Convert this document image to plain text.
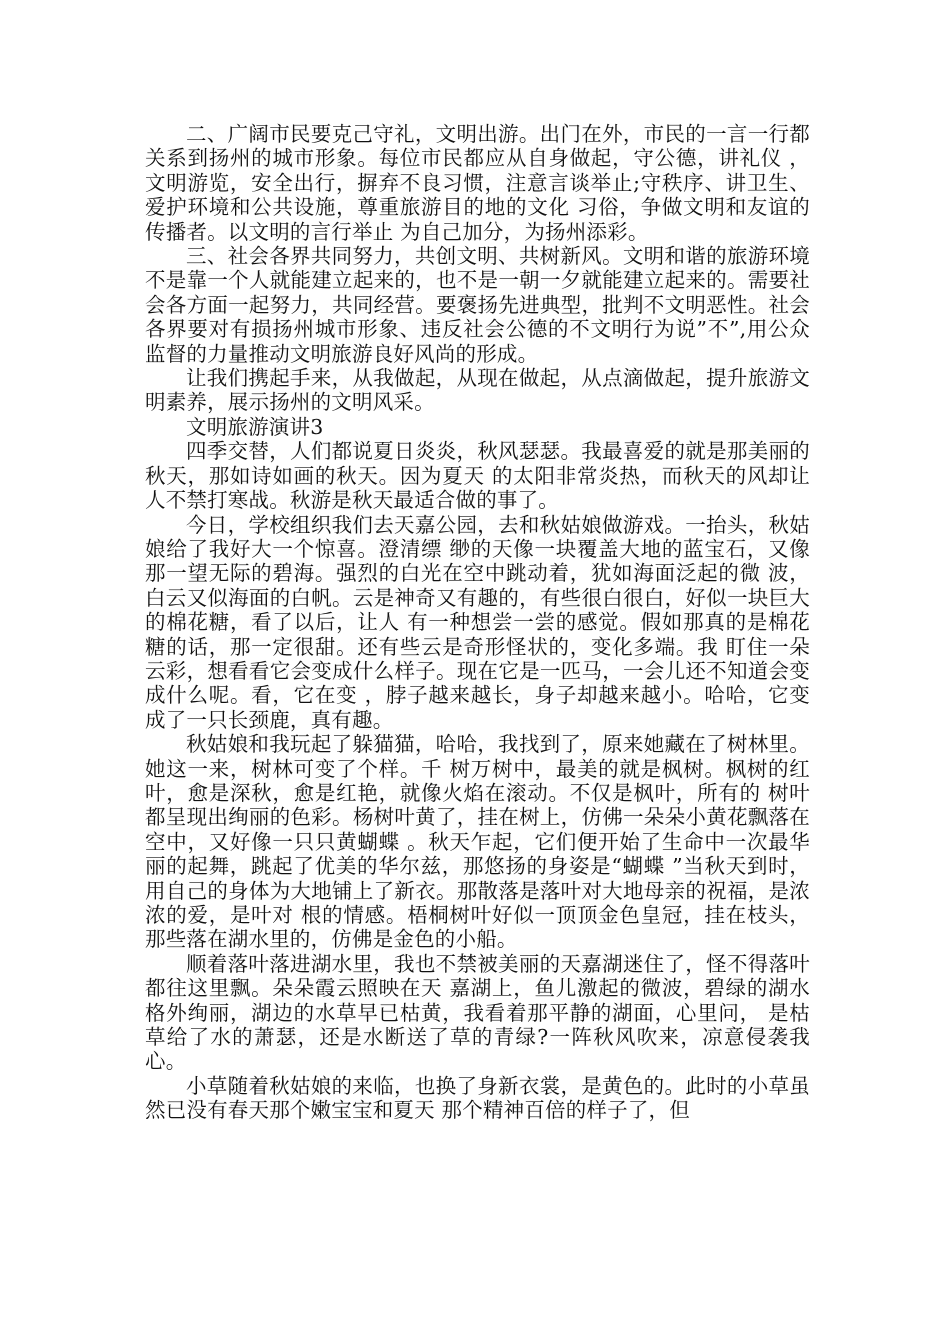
二、广阔市民要克己守礼，文明出游。出门在外，市民的一言一行都关系到扬州的城市形象。每位市民都应从自身做起，守公德，讲礼仪 ，文明游览，安全出行，摒弃不良习惯，注意言谈举止;守秩序、讲卫生、爱护环境和公共设施，尊重旅游目的地的文化 习俗，争做文明和友谊的传播者。以文明的言行举止 为自己加分，为扬州添彩。

三、社会各界共同努力，共创文明、共树新风。文明和谐的旅游环境不是靠一个人就能建立起来的，也不是一朝一夕就能建立起来的。需要社会各方面一起努力，共同经营。要褒扬先进典型，批判不文明恶性。社会各界要对有损扬州城市形象、违反社会公德的不文明行为说”不”,用公众监督的力量推动文明旅游良好风尚的形成。

让我们携起手来，从我做起，从现在做起，从点滴做起，提升旅游文明素养，展示扬州的文明风采。

文明旅游演讲3

四季交替，人们都说夏日炎炎，秋风瑟瑟。我最喜爱的就是那美丽的秋天，那如诗如画的秋天。因为夏天 的太阳非常炎热，而秋天的风却让人不禁打寒战。秋游是秋天最适合做的事了。

今日，学校组织我们去天嘉公园，去和秋姑娘做游戏。一抬头，秋姑娘给了我好大一个惊喜。澄清缥 缈的天像一块覆盖大地的蓝宝石，又像那一望无际的碧海。强烈的白光在空中跳动着，犹如海面泛起的微 波，白云又似海面的白帆。云是神奇又有趣的，有些很白很白，好似一块巨大的棉花糖，看了以后，让人 有一种想尝一尝的感觉。假如那真的是棉花糖的话，那一定很甜。还有些云是奇形怪状的，变化多端。我 盯住一朵云彩，想看看它会变成什么样子。现在它是一匹马，一会儿还不知道会变成什么呢。看，它在变 ，脖子越来越长，身子却越来越小。哈哈，它变成了一只长颈鹿，真有趣。

秋姑娘和我玩起了躲猫猫，哈哈，我找到了，原来她藏在了树林里。她这一来，树林可变了个样。千 树万树中，最美的就是枫树。枫树的红叶，愈是深秋，愈是红艳，就像火焰在滚动。不仅是枫叶，所有的 树叶都呈现出绚丽的色彩。杨树叶黄了，挂在树上，仿佛一朵朵小黄花飘落在空中，又好像一只只黄蝴蝶 。秋天乍起，它们便开始了生命中一次最华丽的起舞，跳起了优美的华尔兹，那悠扬的身姿是“蝴蝶 ”当秋天到时，用自己的身体为大地铺上了新衣。那散落是落叶对大地母亲的祝福，是浓浓的爱，是叶对 根的情感。梧桐树叶好似一顶顶金色皇冠，挂在枝头，那些落在湖水里的，仿佛是金色的小船。

顺着落叶落进湖水里，我也不禁被美丽的天嘉湖迷住了，怪不得落叶都往这里飘。朵朵霞云照映在天 嘉湖上，鱼儿激起的微波，碧绿的湖水格外绚丽，湖边的水草早已枯黄，我看着那平静的湖面，心里问， 是枯草给了水的萧瑟，还是水断送了草的青绿?一阵秋风吹来，凉意侵袭我心。

小草随着秋姑娘的来临，也换了身新衣裳，是黄色的。此时的小草虽然已没有春天那个嫩宝宝和夏天 那个精神百倍的样子了，但
